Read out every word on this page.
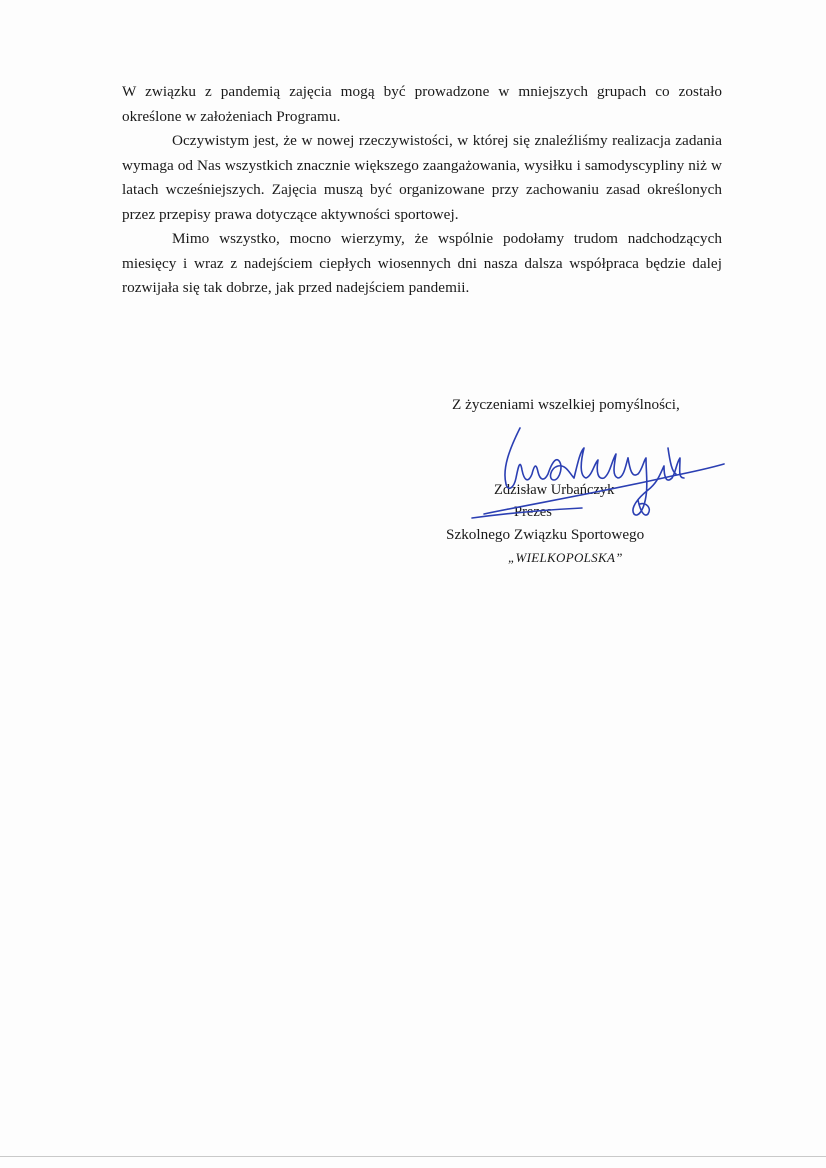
W związku z pandemią zajęcia mogą być prowadzone w mniejszych grupach co zostało określone w założeniach Programu.

Oczywistym jest, że w nowej rzeczywistości, w której się znaleźliśmy realizacja zadania wymaga od Nas wszystkich znacznie większego zaangażowania, wysiłku i samodyscypliny niż w latach wcześniejszych. Zajęcia muszą być organizowane przy zachowaniu zasad określonych przez przepisy prawa dotyczące aktywności sportowej.

Mimo wszystko, mocno wierzymy, że wspólnie podołamy trudom nadchodzących miesięcy i wraz z nadejściem ciepłych wiosennych dni nasza dalsza współpraca będzie dalej rozwijała się tak dobrze, jak przed nadejściem pandemii.

Z życzeniami wszelkiej pomyślności,
Zdzisław Urbańczyk
Prezes
Szkolnego Związku Sportowego
„WIELKOPOLSKA”
